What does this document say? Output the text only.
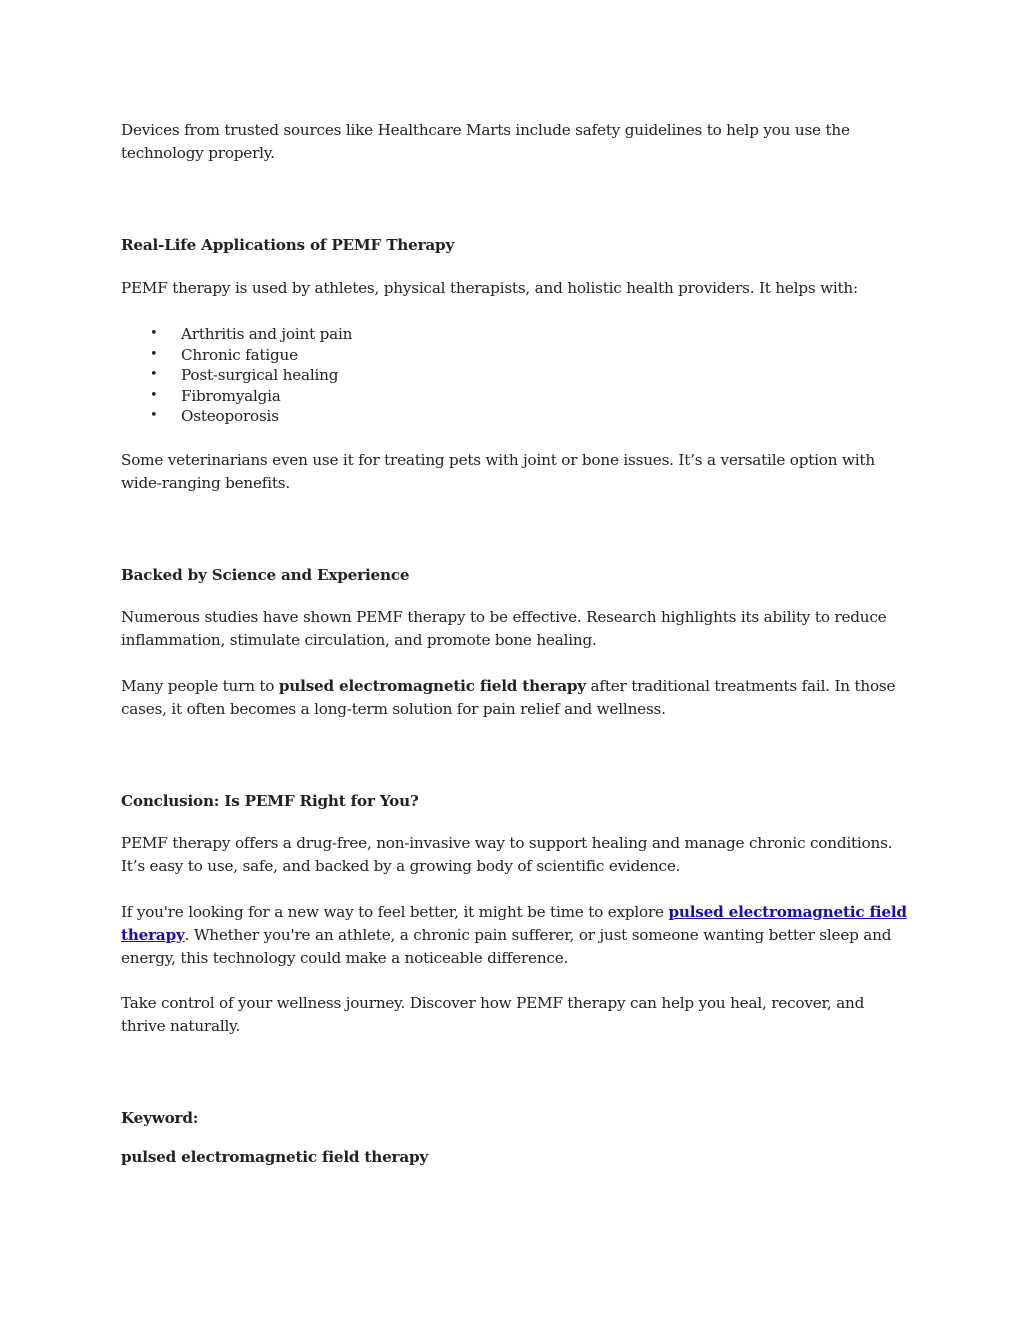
Devices from trusted sources like Healthcare Marts include safety guidelines to help you use the technology properly.

Real-Life Applications of PEMF Therapy

PEMF therapy is used by athletes, physical therapists, and holistic health providers. It helps with:

• Arthritis and joint pain
• Chronic fatigue
• Post-surgical healing
• Fibromyalgia
• Osteoporosis

Some veterinarians even use it for treating pets with joint or bone issues. It’s a versatile option with wide-ranging benefits.

Backed by Science and Experience

Numerous studies have shown PEMF therapy to be effective. Research highlights its ability to reduce inflammation, stimulate circulation, and promote bone healing.

Many people turn to pulsed electromagnetic field therapy after traditional treatments fail. In those cases, it often becomes a long-term solution for pain relief and wellness.

Conclusion: Is PEMF Right for You?

PEMF therapy offers a drug-free, non-invasive way to support healing and manage chronic conditions. It’s easy to use, safe, and backed by a growing body of scientific evidence.

If you're looking for a new way to feel better, it might be time to explore pulsed electromagnetic field therapy. Whether you're an athlete, a chronic pain sufferer, or just someone wanting better sleep and energy, this technology could make a noticeable difference.

Take control of your wellness journey. Discover how PEMF therapy can help you heal, recover, and thrive naturally.

Keyword:

pulsed electromagnetic field therapy
